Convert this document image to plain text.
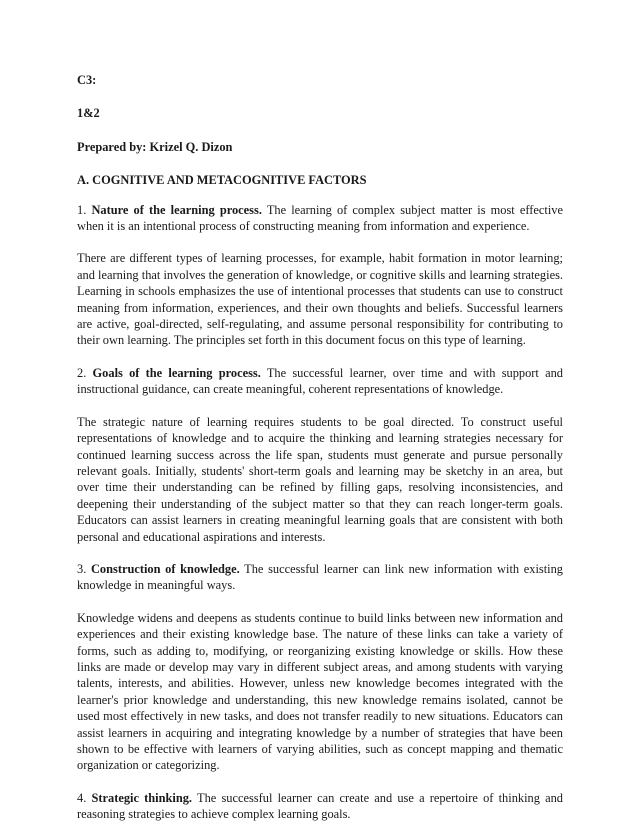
C3:

1&2

Prepared by: Krizel Q. Dizon

A. COGNITIVE AND METACOGNITIVE FACTORS

1. Nature of the learning process. The learning of complex subject matter is most effective when it is an intentional process of constructing meaning from information and experience.

There are different types of learning processes, for example, habit formation in motor learning; and learning that involves the generation of knowledge, or cognitive skills and learning strategies. Learning in schools emphasizes the use of intentional processes that students can use to construct meaning from information, experiences, and their own thoughts and beliefs. Successful learners are active, goal-directed, self-regulating, and assume personal responsibility for contributing to their own learning. The principles set forth in this document focus on this type of learning.

2. Goals of the learning process. The successful learner, over time and with support and instructional guidance, can create meaningful, coherent representations of knowledge.

The strategic nature of learning requires students to be goal directed. To construct useful representations of knowledge and to acquire the thinking and learning strategies necessary for continued learning success across the life span, students must generate and pursue personally relevant goals. Initially, students' short-term goals and learning may be sketchy in an area, but over time their understanding can be refined by filling gaps, resolving inconsistencies, and deepening their understanding of the subject matter so that they can reach longer-term goals. Educators can assist learners in creating meaningful learning goals that are consistent with both personal and educational aspirations and interests.

3. Construction of knowledge. The successful learner can link new information with existing knowledge in meaningful ways.

Knowledge widens and deepens as students continue to build links between new information and experiences and their existing knowledge base. The nature of these links can take a variety of forms, such as adding to, modifying, or reorganizing existing knowledge or skills. How these links are made or develop may vary in different subject areas, and among students with varying talents, interests, and abilities. However, unless new knowledge becomes integrated with the learner's prior knowledge and understanding, this new knowledge remains isolated, cannot be used most effectively in new tasks, and does not transfer readily to new situations. Educators can assist learners in acquiring and integrating knowledge by a number of strategies that have been shown to be effective with learners of varying abilities, such as concept mapping and thematic organization or categorizing.

4. Strategic thinking. The successful learner can create and use a repertoire of thinking and reasoning strategies to achieve complex learning goals.
